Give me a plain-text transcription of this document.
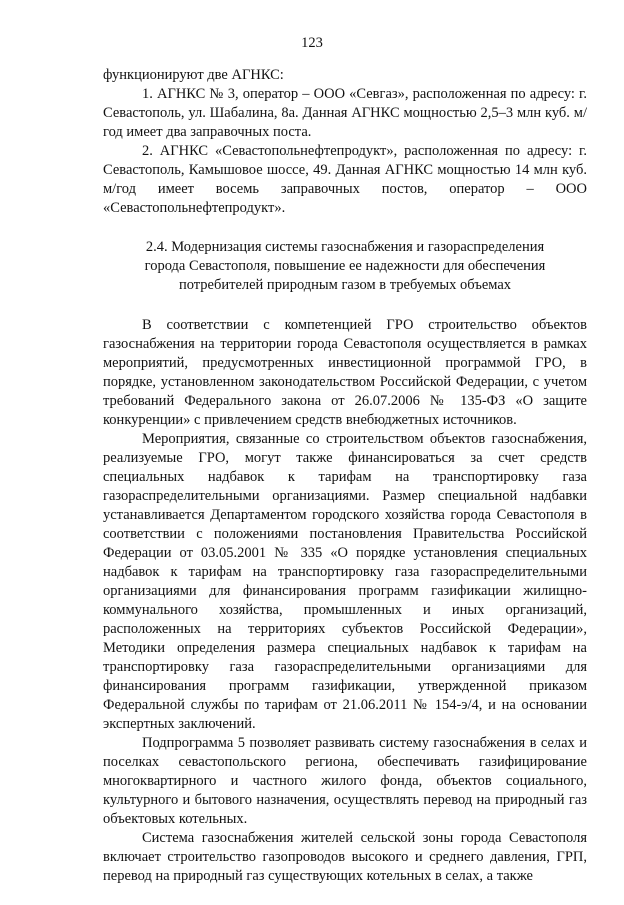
123

функционируют две АГНКС:

1. АГНКС № 3, оператор – ООО «Севгаз», расположенная по адресу: г. Севастополь, ул. Шабалина, 8а. Данная АГНКС мощностью 2,5–3 млн куб. м/год имеет два заправочных поста.

2. АГНКС «Севастопольнефтепродукт», расположенная по адресу: г. Севастополь, Камышовое шоссе, 49. Данная АГНКС мощностью 14 млн куб. м/год имеет восемь заправочных постов, оператор – ООО «Севастопольнефтепродукт».

2.4. Модернизация системы газоснабжения и газораспределения
города Севастополя, повышение ее надежности для обеспечения
потребителей природным газом в требуемых объемах

В соответствии с компетенцией ГРО строительство объектов газоснабжения на территории города Севастополя осуществляется в рамках мероприятий, предусмотренных инвестиционной программой ГРО, в порядке, установленном законодательством Российской Федерации, с учетом требований Федерального закона от 26.07.2006 № 135-ФЗ «О защите конкуренции» с привлечением средств внебюджетных источников.

Мероприятия, связанные со строительством объектов газоснабжения, реализуемые ГРО, могут также финансироваться за счет средств специальных надбавок к тарифам на транспортировку газа газораспределительными организациями. Размер специальной надбавки устанавливается Департаментом городского хозяйства города Севастополя в соответствии с положениями постановления Правительства Российской Федерации от 03.05.2001 № 335 «О порядке установления специальных надбавок к тарифам на транспортировку газа газораспределительными организациями для финансирования программ газификации жилищно-коммунального хозяйства, промышленных и иных организаций, расположенных на территориях субъектов Российской Федерации», Методики определения размера специальных надбавок к тарифам на транспортировку газа газораспределительными организациями для финансирования программ газификации, утвержденной приказом Федеральной службы по тарифам от 21.06.2011 № 154-э/4, и на основании экспертных заключений.

Подпрограмма 5 позволяет развивать систему газоснабжения в селах и поселках севастопольского региона, обеспечивать газифицирование многоквартирного и частного жилого фонда, объектов социального, культурного и бытового назначения, осуществлять перевод на природный газ объектовых котельных.

Система газоснабжения жителей сельской зоны города Севастополя включает строительство газопроводов высокого и среднего давления, ГРП, перевод на природный газ существующих котельных в селах, а также
